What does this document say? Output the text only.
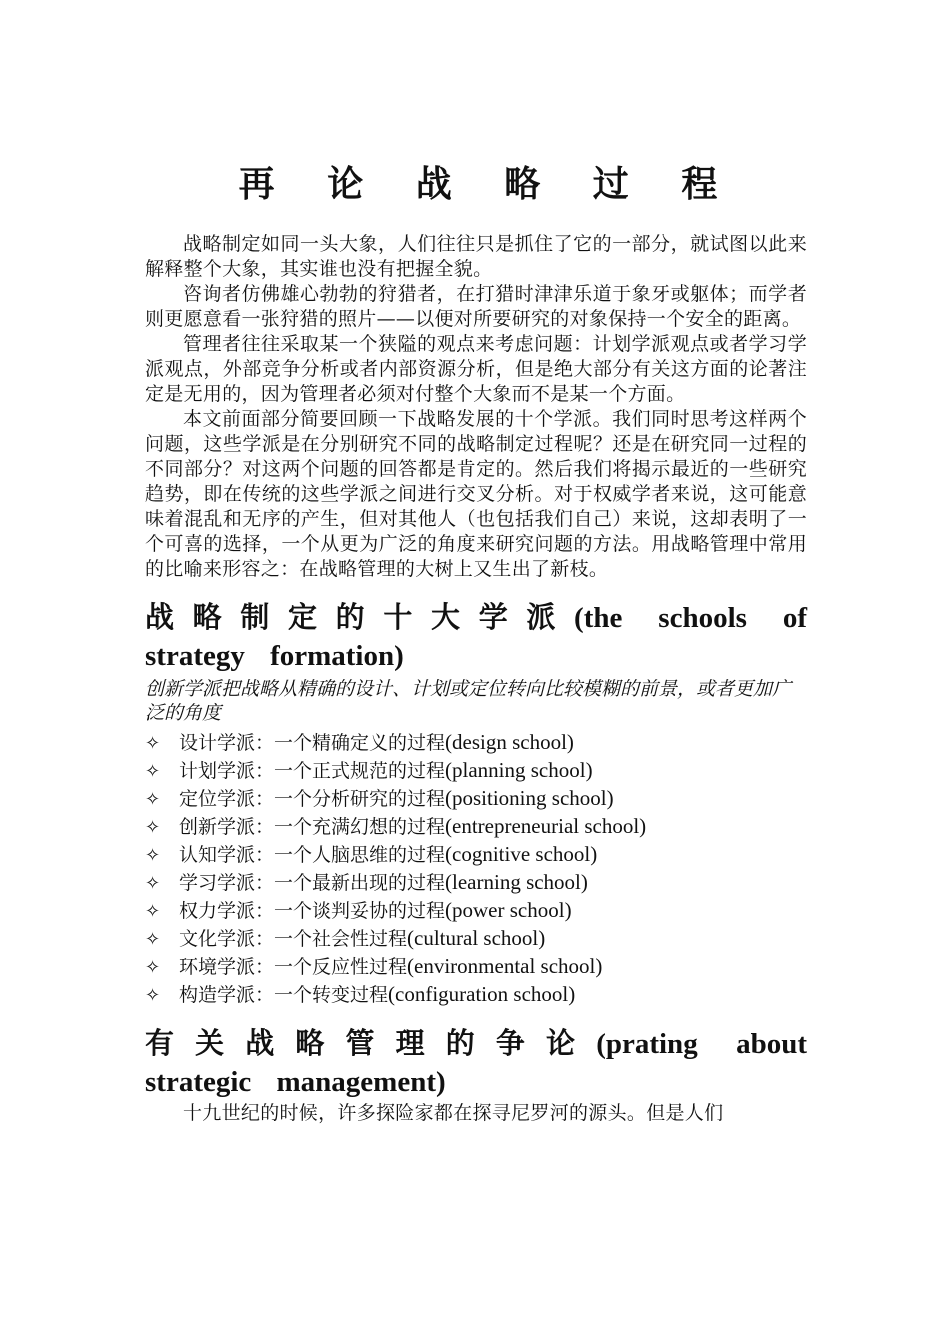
再 论 战 略 过 程

战略制定如同一头大象，人们往往只是抓住了它的一部分，就试图以此来解释整个大象，其实谁也没有把握全貌。

咨询者仿佛雄心勃勃的狩猎者，在打猎时津津乐道于象牙或躯体；而学者则更愿意看一张狩猎的照片——以便对所要研究的对象保持一个安全的距离。

管理者往往采取某一个狭隘的观点来考虑问题：计划学派观点或者学习学派观点，外部竞争分析或者内部资源分析，但是绝大部分有关这方面的论著注定是无用的，因为管理者必须对付整个大象而不是某一个方面。

本文前面部分简要回顾一下战略发展的十个学派。我们同时思考这样两个问题，这些学派是在分别研究不同的战略制定过程呢？还是在研究同一过程的不同部分？对这两个问题的回答都是肯定的。然后我们将揭示最近的一些研究趋势，即在传统的这些学派之间进行交叉分析。对于权威学者来说，这可能意味着混乱和无序的产生，但对其他人（也包括我们自己）来说，这却表明了一个可喜的选择，一个从更为广泛的角度来研究问题的方法。用战略管理中常用的比喻来形容之：在战略管理的大树上又生出了新枝。

战略制定的十大学派(the schools of strategy formation)

创新学派把战略从精确的设计、计划或定位转向比较模糊的前景，或者更加广泛的角度

✧ 设计学派：一个精确定义的过程 (design school)
✧ 计划学派：一个正式规范的过程 (planning school)
✧ 定位学派：一个分析研究的过程 (positioning school)
✧ 创新学派：一个充满幻想的过程 (entrepreneurial school)
✧ 认知学派：一个人脑思维的过程 (cognitive school)
✧ 学习学派：一个最新出现的过程 (learning school)
✧ 权力学派：一个谈判妥协的过程 (power school)
✧ 文化学派：一个社会性过程 (cultural school)
✧ 环境学派：一个反应性过程 (environmental school)
✧ 构造学派：一个转变过程 (configuration school)
有关战略管理的争论(prating about strategic management)

十九世纪的时候，许多探险家都在探寻尼罗河的源头。但是人们
